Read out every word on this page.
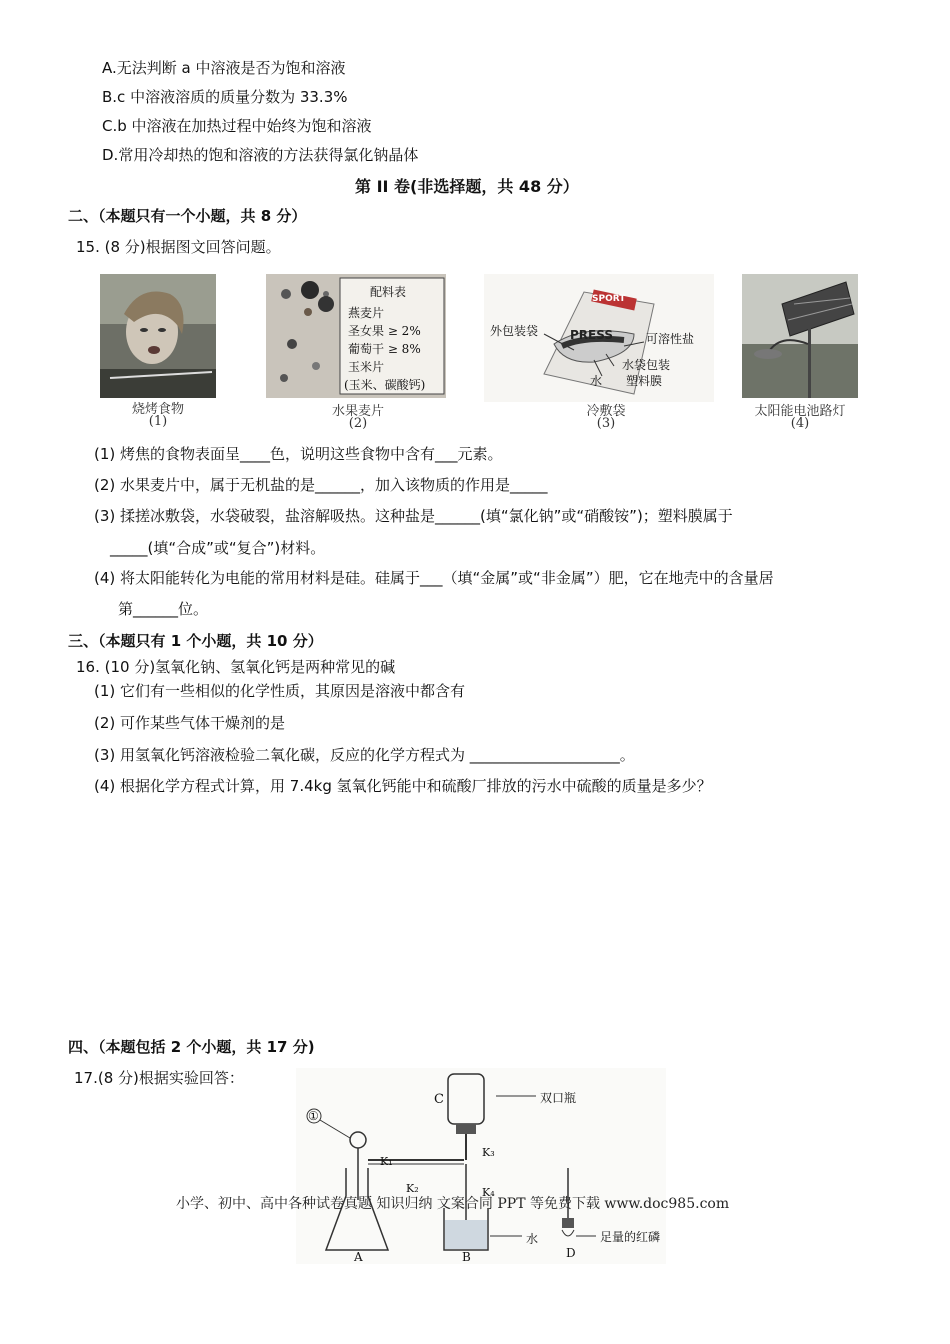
A.无法判断 a 中溶液是否为饱和溶液
B.c 中溶液溶质的质量分数为 33.3%
C.b 中溶液在加热过程中始终为饱和溶液
D.常用冷却热的饱和溶液的方法获得氯化钠晶体
第 II 卷(非选择题，共 48 分）
二、（本题只有一个小题，共 8 分）
15. (8 分)根据图文回答问题。
烧烤食物
(1)
配料表
燕麦片
圣女果 ≥ 2%
葡萄干 ≥ 8%
玉米片
(玉米、碳酸钙)
水果麦片
(2)
SPORT
PRESS
外包装袋
可溶性盐
水袋包装
塑料膜
水
冷敷袋
(3)
太阳能电池路灯
(4)
(1) 烤焦的食物表面呈____色，说明这些食物中含有___元素。
(2) 水果麦片中，属于无机盐的是______，加入该物质的作用是_____
(3) 揉搓冰敷袋，水袋破裂，盐溶解吸热。这种盐是______(填“氯化钠”或“硝酸铵”)；塑料膜属于
_____(填“合成”或“复合”)材料。
(4) 将太阳能转化为电能的常用材料是硅。硅属于___（填“金属”或“非金属”）肥，它在地壳中的含量居
第______位。
三、（本题只有 1 个小题，共 10 分）
16. (10 分)氢氧化钠、氢氧化钙是两种常见的碱
(1) 它们有一些相似的化学性质，其原因是溶液中都含有
(2) 可作某些气体干燥剂的是
(3) 用氢氧化钙溶液检验二氧化碳，反应的化学方程式为 ____________________。
(4) 根据化学方程式计算，用 7.4kg 氢氧化钙能中和硫酸厂排放的污水中硫酸的质量是多少？
四、（本题包括 2 个小题，共 17 分)
17.(8 分)根据实验回答：
①
C	双口瓶
K₁
K₂
K₃
K₄
水	足量的红磷
A	B	D
小学、初中、高中各种试卷真题 知识归纳 文案合同 PPT 等免费下载 www.doc985.com
